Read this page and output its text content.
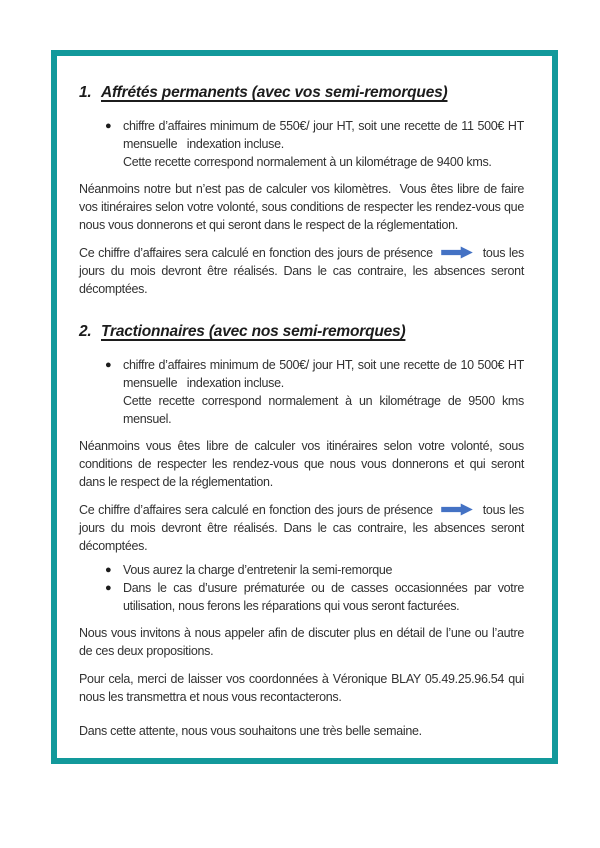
1. Affrétés permanents (avec vos semi-remorques)
● chiffre d’affaires minimum de 550€/ jour HT, soit une recette de 11 500€ HT mensuelle   indexation incluse.
Cette recette correspond normalement à un kilométrage de 9400 kms.

Néanmoins notre but n’est pas de calculer vos kilomètres.  Vous êtes libre de faire vos itinéraires selon votre volonté, sous conditions de respecter les rendez-vous que nous vous donnerons et qui seront dans le respect de la réglementation.

Ce chiffre d’affaires sera calculé en fonction des jours de présence	tous les jours du mois devront être réalisés. Dans le cas contraire, les absences seront décomptées.

2. Tractionnaires (avec nos semi-remorques)
● chiffre d’affaires minimum de 500€/ jour HT, soit une recette de 10 500€ HT mensuelle   indexation incluse.
Cette recette correspond normalement à un kilométrage de 9500 kms mensuel.

Néanmoins vous êtes libre de calculer vos itinéraires selon votre volonté, sous conditions de respecter les rendez-vous que nous vous donnerons et qui seront dans le respect de la réglementation.

Ce chiffre d’affaires sera calculé en fonction des jours de présence	tous les jours du mois devront être réalisés. Dans le cas contraire, les absences seront décomptées.

● Vous aurez la charge d’entretenir la semi-remorque
● Dans le cas d’usure prématurée ou de casses occasionnées par votre utilisation, nous ferons les réparations qui vous seront facturées.

Nous vous invitons à nous appeler afin de discuter plus en détail de l’une ou l’autre de ces deux propositions.

Pour cela, merci de laisser vos coordonnées à Véronique BLAY 05.49.25.96.54 qui nous les transmettra et nous vous recontacterons.

Dans cette attente, nous vous souhaitons une très belle semaine.
